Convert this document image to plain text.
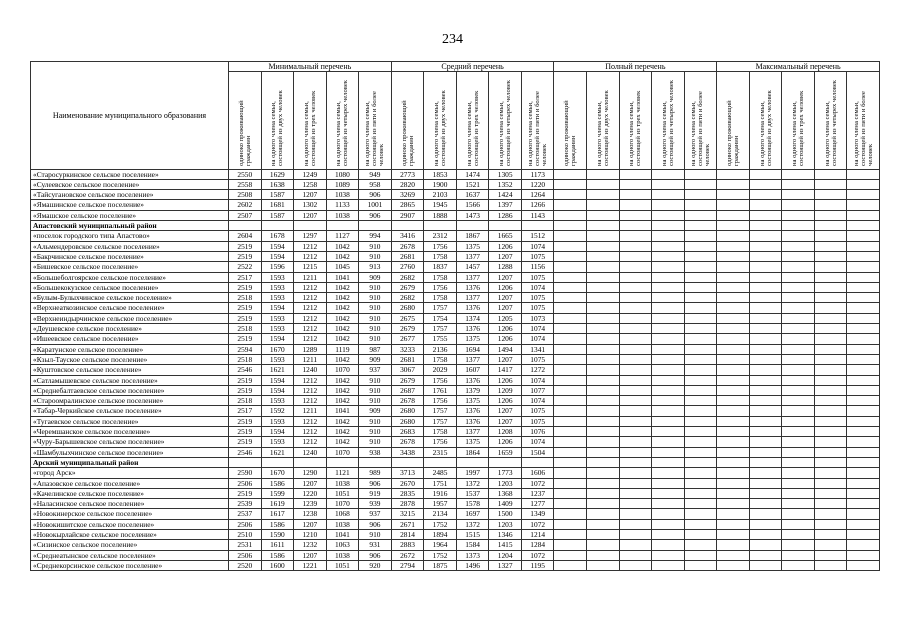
234
Наименование муниципального образования	Минимальный перечень					Средний перечень					Полный перечень					Максимальный перечень				
	одиноко проживающий гражданин	на одного члена семьи, состоящей из двух человек	на одного члена семьи, состоящей из трех человек	на одного члена семьи, состоящей из четырех человек	на одного члена семьи, состоящей из пяти и более человек	одиноко проживающий гражданин	на одного члена семьи, состоящей из двух человек	на одного члена семьи, состоящей из трех человек	на одного члена семьи, состоящей из четырех человек	на одного члена семьи, состоящей из пяти и более человек	одиноко проживающий гражданин	на одного члена семьи, состоящей из двух человек	на одного члена семьи, состоящей из трех человек	на одного члена семьи, состоящей из четырех человек	на одного члена семьи, состоящей из пяти и более человек	одиноко проживающий гражданин	на одного члена семьи, состоящей из двух человек	на одного члена семьи, состоящей из трех человек	на одного члена семьи, состоящей из четырех человек	на одного члена семьи, состоящей из пяти и более человек
«Старосуркинское сельское поселение»	2550	1629	1249	1080	949	2773	1853	1474	1305	1173										
«Сулеевское сельское поселение»	2558	1638	1258	1089	958	2820	1900	1521	1352	1220										
«Тайсугановское сельское поселение»	2508	1587	1207	1038	906	3269	2103	1637	1424	1264										
«Ямашинское сельское поселение»	2602	1681	1302	1133	1001	2865	1945	1566	1397	1266										
«Ямашское сельское поселение»	2507	1587	1207	1038	906	2907	1888	1473	1286	1143										
Апастовский муниципальный район																				
«поселок городского типа Апастово»	2604	1678	1297	1127	994	3416	2312	1867	1665	1512										
«Альмендеровское сельское поселение»	2519	1594	1212	1042	910	2678	1756	1375	1206	1074										
«Бакрчинское сельское поселение»	2519	1594	1212	1042	910	2681	1758	1377	1207	1075										
«Бишевское сельское поселение»	2522	1596	1215	1045	913	2760	1837	1457	1288	1156										
«Большеболгоярское сельское поселение»	2517	1593	1211	1041	909	2682	1758	1377	1207	1075										
«Большекокузское сельское поселение»	2519	1593	1212	1042	910	2679	1756	1376	1206	1074										
«Булым-Булыхчинское сельское поселение»	2518	1593	1212	1042	910	2682	1758	1377	1207	1075										
«Верхнеаткозинское сельское поселение»	2519	1594	1212	1042	910	2680	1757	1376	1207	1075										
«Верхнеиндырчинское сельское поселение»	2519	1593	1212	1042	910	2675	1754	1374	1205	1073										
«Деушевское сельское поселение»	2518	1593	1212	1042	910	2679	1757	1376	1206	1074										
«Ишеевское сельское поселение»	2519	1594	1212	1042	910	2677	1755	1375	1206	1074										
«Каратунское сельское поселение»	2594	1670	1289	1119	987	3233	2136	1694	1494	1341										
«Кзыл-Тауское сельское поселение»	2518	1593	1211	1042	909	2681	1758	1377	1207	1075										
«Куштовское сельское поселение»	2546	1621	1240	1070	937	3067	2029	1607	1417	1272										
«Сатламышевское сельское поселение»	2519	1594	1212	1042	910	2679	1756	1376	1206	1074										
«Среднебалтаевское сельское поселение»	2519	1594	1212	1042	910	2687	1761	1379	1209	1077										
«Староомралинское сельское поселение»	2518	1593	1212	1042	910	2678	1756	1375	1206	1074										
«Табар-Черкийское сельское поселение»	2517	1592	1211	1041	909	2680	1757	1376	1207	1075										
«Тугаевское сельское поселение»	2519	1593	1212	1042	910	2680	1757	1376	1207	1075										
«Черемшанское сельское поселение»	2519	1594	1212	1042	910	2683	1758	1377	1208	1076										
«Чуру-Барышевское сельское поселение»	2519	1593	1212	1042	910	2678	1756	1375	1206	1074										
«Шамбулыхчинское сельское поселение»	2546	1621	1240	1070	938	3438	2315	1864	1659	1504										
Арский муниципальный район																				
«город Арск»	2590	1670	1290	1121	989	3713	2485	1997	1773	1606										
«Апазовское сельское поселение»	2506	1586	1207	1038	906	2670	1751	1372	1203	1072										
«Качелинское сельское поселение»	2519	1599	1220	1051	919	2835	1916	1537	1368	1237										
«Наласинское сельское поселение»	2539	1619	1239	1070	939	2878	1957	1578	1409	1277										
«Новокинерское сельское поселение»	2537	1617	1238	1068	937	3215	2134	1697	1500	1349										
«Новокишитское сельское поселение»	2506	1586	1207	1038	906	2671	1752	1372	1203	1072										
«Новокырлайское сельское поселение»	2510	1590	1210	1041	910	2814	1894	1515	1346	1214										
«Сизинское сельское поселение»	2531	1611	1232	1063	931	2883	1964	1584	1415	1284										
«Среднеатынское сельское поселение»	2506	1586	1207	1038	906	2672	1752	1373	1204	1072										
«Среднекорсинское сельское поселение»	2520	1600	1221	1051	920	2794	1875	1496	1327	1195										
